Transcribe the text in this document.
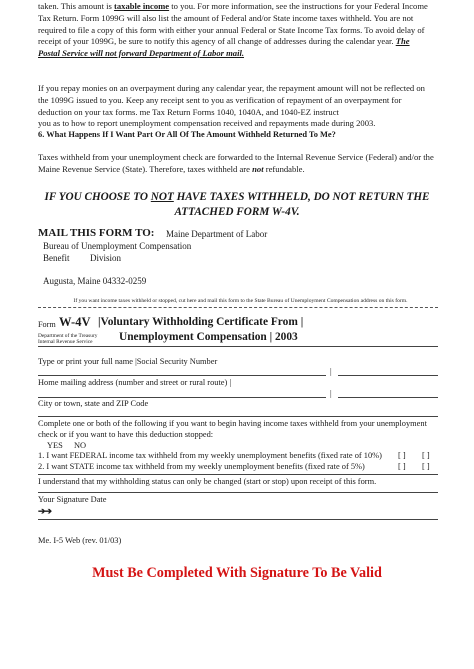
taken. This amount is taxable income to you. For more information, see the instructions for your Federal Income
Tax Return. Form 1099G will also list the amount of Federal and/or State income taxes withheld. You are not
required to file a copy of this form with either your annual Federal or State Income Tax forms. To avoid delay of
receipt of your 1099G, be sure to notify this agency of all change of addresses during the calendar year. The
Postal Service will not forward Department of Labor mail.
If you repay monies on an overpayment during any calendar year, the repayment amount will not be reflected on
the 1099G issued to you. Keep any receipt sent to you as verification of repayment of an overpayment for
deduction on your tax forms. me Tax Return Forms 1040, 1040A, and 1040-EZ instruct
you as to how to report unemployment compensation received and repayments made during 2003.
6. What Happens If I Want Part Or All Of The Amount Withheld Returned To Me?
Taxes withheld from your unemployment check are forwarded to the Internal Revenue Service (Federal) and/or the
Maine Revenue Service (State). Therefore, taxes withheld are not refundable.
IF YOU CHOOSE TO NOT HAVE TAXES WITHHELD, DO NOT RETURN THE
ATTACHED FORM W-4V.
MAIL THIS FORM TO: Maine Department of Labor
Bureau of Unemployment Compensation
Benefit Division
Augusta, Maine 04332-0259
If you want income taxes withheld or stopped, cut here and mail this form to the State Bureau of Unemployment Compensation address on this form.
Form W-4V |Voluntary Withholding Certificate From |
Unemployment Compensation | 2003
Department of the Treasury
Internal Revenue Service
Type or print your full name |Social Security Number
|
Home mailing address (number and street or rural route) |
|
City or town, state and ZIP Code
Complete one or both of the following if you want to begin having income taxes withheld from your unemployment
check or if you want to have this deduction stopped:
YES NO
1. I want FEDERAL income tax withheld from my weekly unemployment benefits (fixed rate of 10%) [ ] [ ]
2. I want STATE income tax withheld from my weekly unemployment benefits (fixed rate of 5%)	[ ] [ ]
I understand that my withholding status can only be changed (start or stop) upon receipt of this form.
Your Signature Date
➔➔
Me. I-5 Web (rev. 01/03)
Must Be Completed With Signature To Be Valid
